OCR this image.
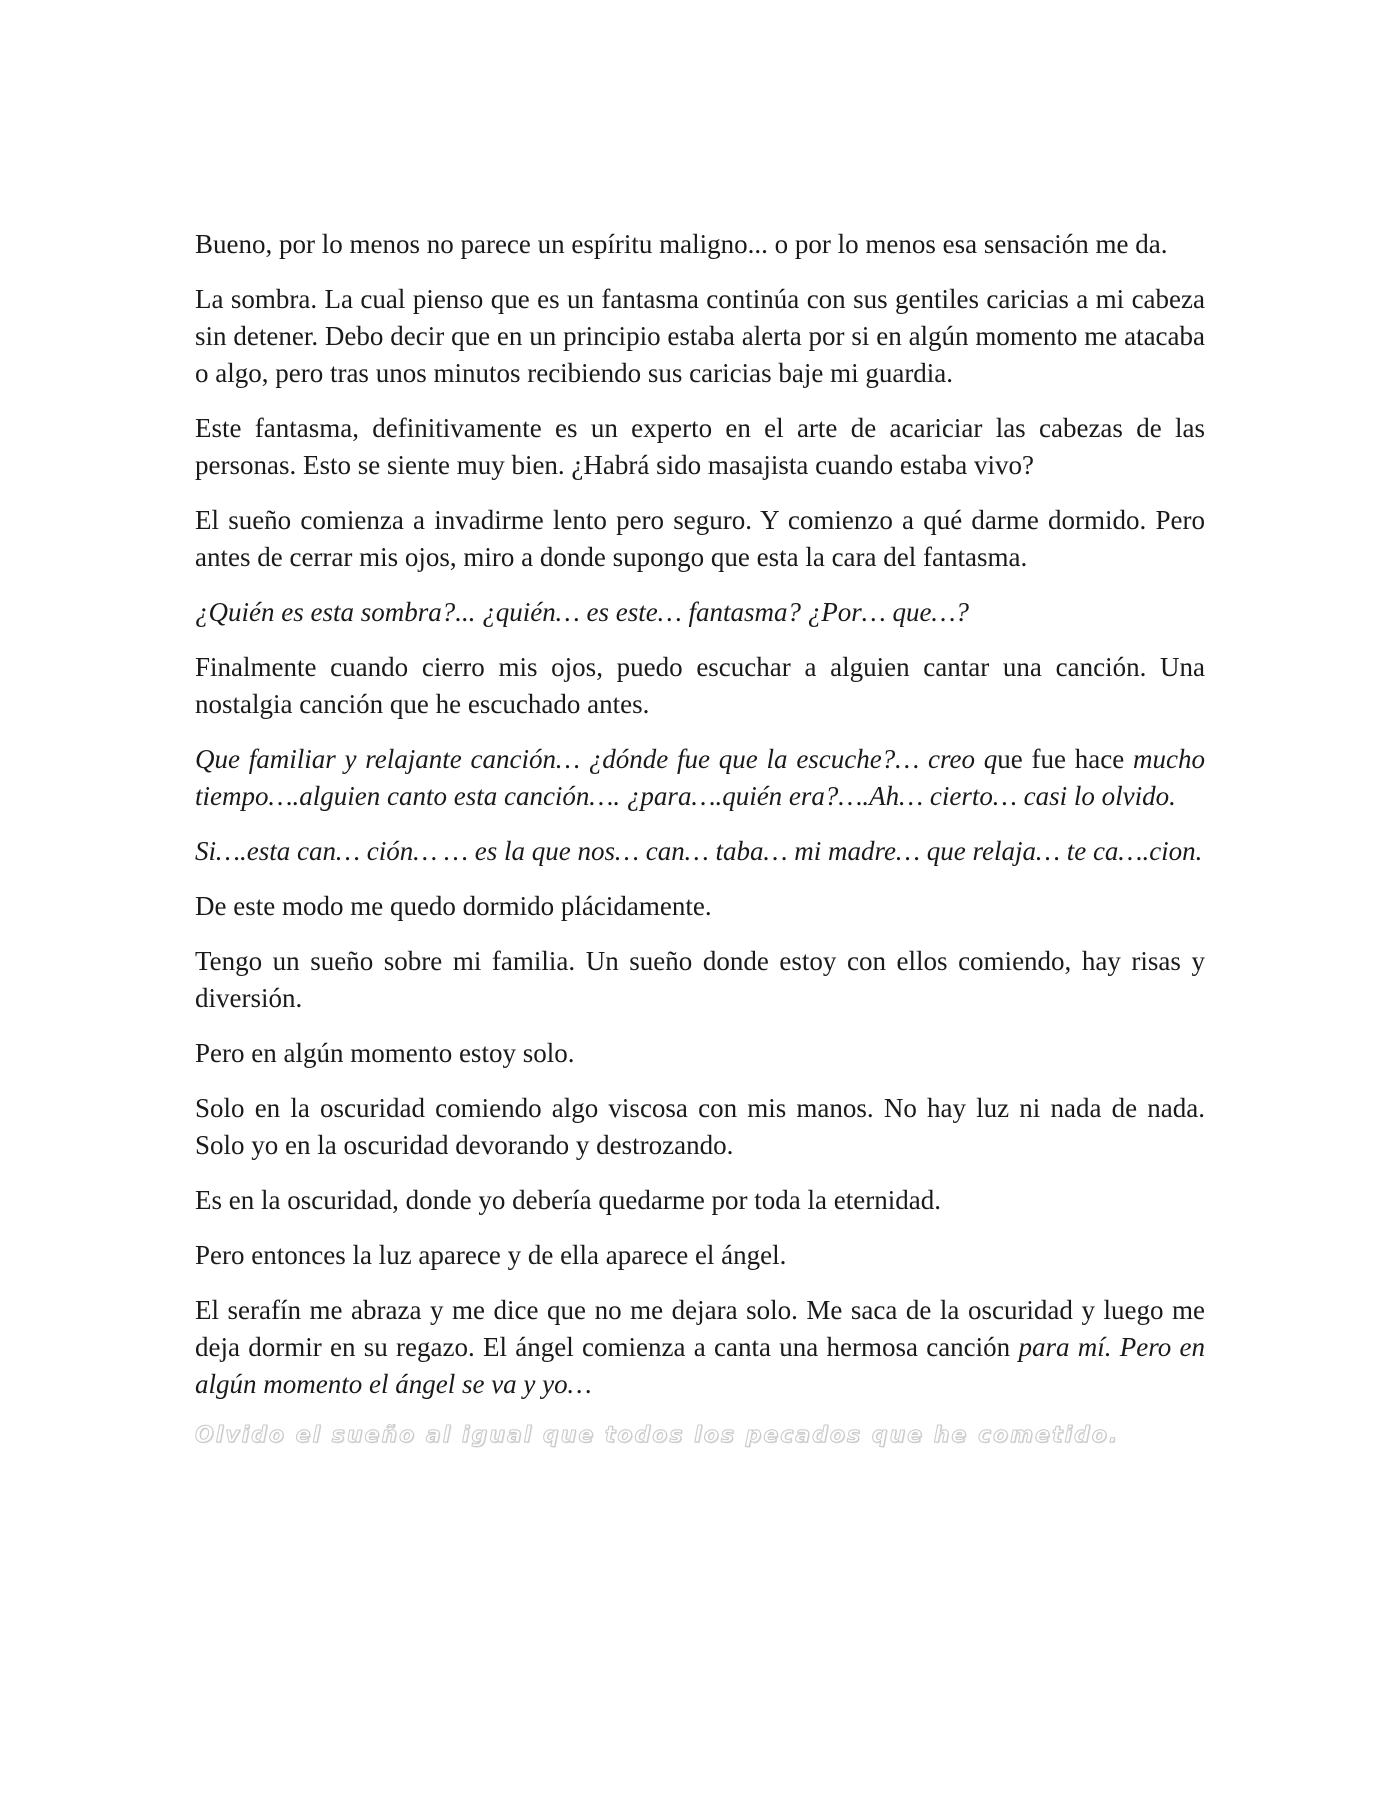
Bueno, por lo menos no parece un espíritu maligno... o por lo menos esa sensación me da.

La sombra. La cual pienso que es un fantasma continúa con sus gentiles caricias a mi cabeza sin detener. Debo decir que en un principio estaba alerta por si en algún momento me atacaba o algo, pero tras unos minutos recibiendo sus caricias baje mi guardia.

Este fantasma, definitivamente es un experto en el arte de acariciar las cabezas de las personas. Esto se siente muy bien. ¿Habrá sido masajista cuando estaba vivo?

El sueño comienza a invadirme lento pero seguro. Y comienzo a qué darme dormido. Pero antes de cerrar mis ojos, miro a donde supongo que esta la cara del fantasma.

¿Quién es esta sombra?... ¿quién… es este… fantasma? ¿Por… que…?

Finalmente cuando cierro mis ojos, puedo escuchar a alguien cantar una canción. Una nostalgia canción que he escuchado antes.

Que familiar y relajante canción… ¿dónde fue que la escuche?… creo que fue hace mucho tiempo….alguien canto esta canción…. ¿para….quién era?….Ah… cierto… casi lo olvido.

Si….esta can… ción… … es la que nos… can… taba… mi madre… que relaja… te ca….cion.

De este modo me quedo dormido plácidamente.

Tengo un sueño sobre mi familia. Un sueño donde estoy con ellos comiendo, hay risas y diversión.

Pero en algún momento estoy solo.

Solo en la oscuridad comiendo algo viscosa con mis manos. No hay luz ni nada de nada. Solo yo en la oscuridad devorando y destrozando.

Es en la oscuridad, donde yo debería quedarme por toda la eternidad.

Pero entonces la luz aparece y de ella aparece el ángel.

El serafín me abraza y me dice que no me dejara solo. Me saca de la oscuridad y luego me deja dormir en su regazo. El ángel comienza a canta una hermosa canción para mí. Pero en algún momento el ángel se va y yo…

Olvido el sueño al igual que todos los pecados que he cometido.
